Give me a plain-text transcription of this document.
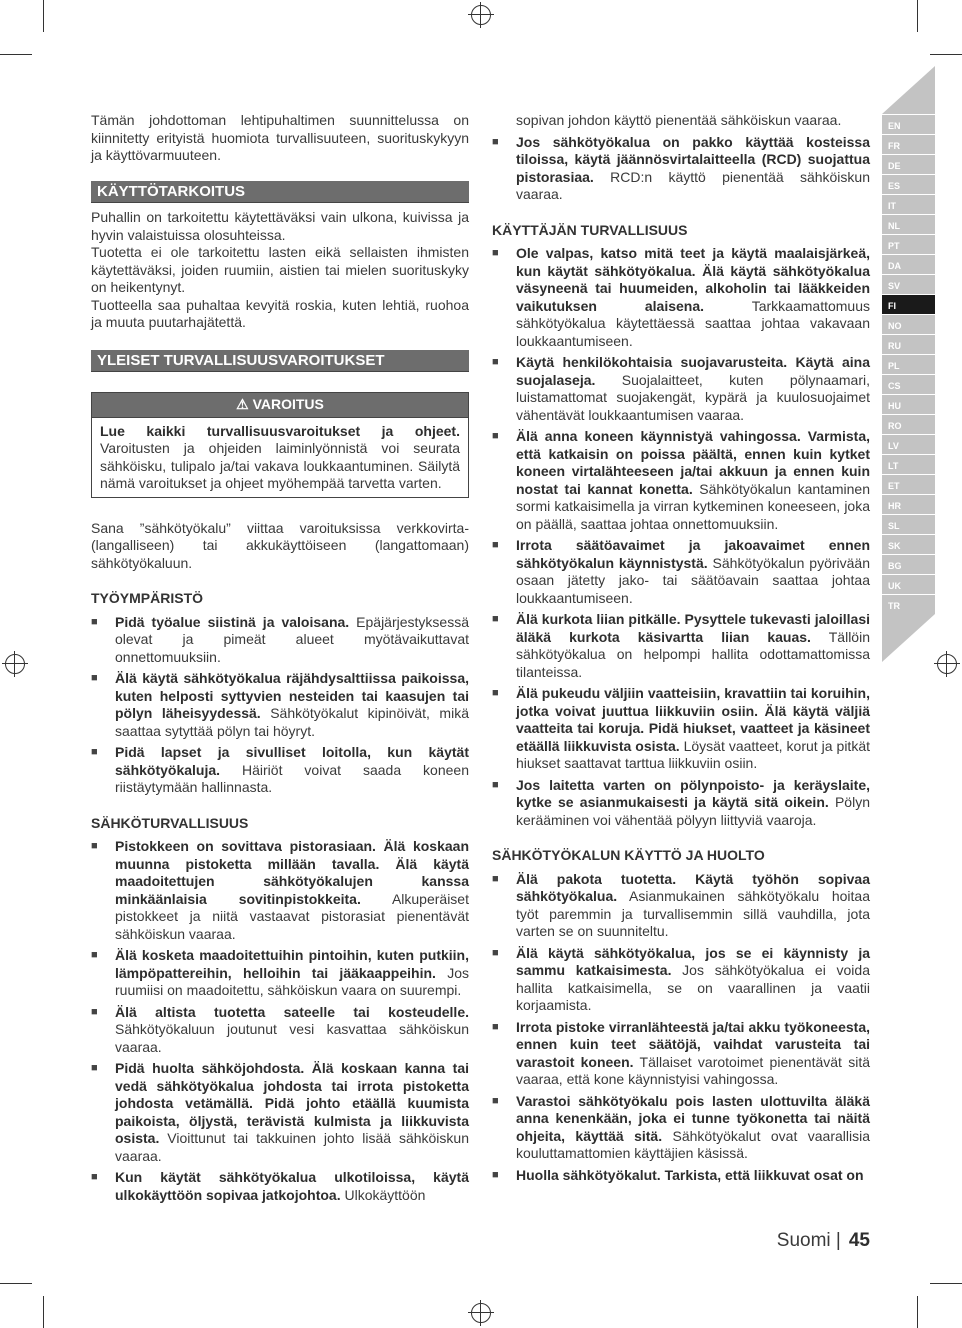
Tämän johdottoman lehtipuhaltimen suunnittelussa on kiinnitetty erityistä huomiota turvallisuuteen, suorituskykyyn ja käyttövarmuuteen.

KÄYTTÖTARKOITUS

Puhallin on tarkoitettu käytettäväksi vain ulkona, kuivissa ja hyvin valaistuissa olosuhteissa.

Tuotetta ei ole tarkoitettu lasten eikä sellaisten ihmisten käytettäväksi, joiden ruumiin, aistien tai mielen suorituskyky on heikentynyt.

Tuotteella saa puhaltaa kevyitä roskia, kuten lehtiä, ruohoa ja muuta puutarhajätettä.

YLEISET TURVALLISUUSVAROITUKSET
⚠ VAROITUS
Lue kaikki turvallisuusvaroitukset ja ohjeet. Varoitusten ja ohjeiden laiminlyönnistä voi seurata sähköisku, tulipalo ja/tai vakava loukkaantuminen. Säilytä nämä varoitukset ja ohjeet myöhempää tarvetta varten.

Sana ”sähkötyökalu” viittaa varoituksissa verkkovirta- (langalliseen) tai akkukäyttöiseen (langattomaan) sähkötyökaluun.

TYÖYMPÄRISTÖ
■ Pidä työalue siistinä ja valoisana. Epäjärjestyksessä olevat ja pimeät alueet myötävaikuttavat onnettomuuksiin.
■ Älä käytä sähkötyökalua räjähdysalttiissa paikoissa, kuten helposti syttyvien nesteiden tai kaasujen tai pölyn läheisyydessä. Sähkötyökalut kipinöivät, mikä saattaa sytyttää pölyn tai höyryt.
■ Pidä lapset ja sivulliset loitolla, kun käytät sähkötyökaluja. Häiriöt voivat saada koneen riistäytymään hallinnasta.
SÄHKÖTURVALLISUUS
■ Pistokkeen on sovittava pistorasiaan. Älä koskaan muunna pistoketta millään tavalla. Älä käytä maadoitettujen sähkötyökalujen kanssa minkäänlaisia sovitinpistokkeita. Alkuperäiset pistokkeet ja niitä vastaavat pistorasiat pienentävät sähköiskun vaaraa.
■ Älä kosketa maadoitettuihin pintoihin, kuten putkiin, lämpöpattereihin, helloihin tai jääkaappeihin. Jos ruumiisi on maadoitettu, sähköiskun vaara on suurempi.
■ Älä altista tuotetta sateelle tai kosteudelle. Sähkötyökaluun joutunut vesi kasvattaa sähköiskun vaaraa.
■ Pidä huolta sähköjohdosta. Älä koskaan kanna tai vedä sähkötyökalua johdosta tai irrota pistoketta johdosta vetämällä. Pidä johto etäällä kuumista paikoista, öljystä, terävistä kulmista ja liikkuvista osista. Vioittunut tai takkuinen johto lisää sähköiskun vaaraa.
■ Kun käytät sähkötyökalua ulkotiloissa, käytä ulkokäyttöön sopivaa jatkojohtoa. Ulkokäyttöön

sopivan johdon käyttö pienentää sähköiskun vaaraa.

■ Jos sähkötyökalua on pakko käyttää kosteissa tiloissa, käytä jäännösvirtalaitteella (RCD) suojattua pistorasiaa. RCD:n käyttö pienentää sähköiskun vaaraa.
KÄYTTÄJÄN TURVALLISUUS
■ Ole valpas, katso mitä teet ja käytä maalaisjärkeä, kun käytät sähkötyökalua. Älä käytä sähkötyökalua väsyneenä tai huumeiden, alkoholin tai lääkkeiden vaikutuksen alaisena. Tarkkaamattomuus sähkötyökalua käytettäessä saattaa johtaa vakavaan loukkaantumiseen.
■ Käytä henkilökohtaisia suojavarusteita. Käytä aina suojalaseja. Suojalaitteet, kuten pölynaamari, luistamattomat suojakengät, kypärä ja kuulosuojaimet vähentävät loukkaantumisen vaaraa.
■ Älä anna koneen käynnistyä vahingossa. Varmista, että katkaisin on poissa päältä, ennen kuin kytket koneen virtalähteeseen ja/tai akkuun ja ennen kuin nostat tai kannat konetta. Sähkötyökalun kantaminen sormi katkaisimella ja virran kytkeminen koneeseen, joka on päällä, saattaa johtaa onnettomuuksiin.
■ Irrota säätöavaimet ja jakoavaimet ennen sähkötyökalun käynnistystä. Sähkötyökalun pyörivään osaan jätetty jako- tai säätöavain saattaa johtaa loukkaantumiseen.
■ Älä kurkota liian pitkälle. Pysyttele tukevasti jaloillasi äläkä kurkota käsivartta liian kauas. Tällöin sähkötyökalua on helpompi hallita odottamattomissa tilanteissa.
■ Älä pukeudu väljiin vaatteisiin, kravattiin tai koruihin, jotka voivat juuttua liikkuviin osiin. Älä käytä väljiä vaatteita tai koruja. Pidä hiukset, vaatteet ja käsineet etäällä liikkuvista osista. Löysät vaatteet, korut ja pitkät hiukset saattavat tarttua liikkuviin osiin.
■ Jos laitetta varten on pölynpoisto- ja keräyslaite, kytke se asianmukaisesti ja käytä sitä oikein. Pölyn kerääminen voi vähentää pölyyn liittyviä vaaroja.
SÄHKÖTYÖKALUN KÄYTTÖ JA HUOLTO
■ Älä pakota tuotetta. Käytä työhön sopivaa sähkötyökalua. Asianmukainen sähkötyökalu hoitaa työt paremmin ja turvallisemmin sillä vauhdilla, jota varten se on suunniteltu.
■ Älä käytä sähkötyökalua, jos se ei käynnisty ja sammu katkaisimesta. Jos sähkötyökalua ei voida hallita katkaisimella, se on vaarallinen ja vaatii korjaamista.
■ Irrota pistoke virranlähteestä ja/tai akku työkoneesta, ennen kuin teet säätöjä, vaihdat varusteita tai varastoit koneen. Tällaiset varotoimet pienentävät sitä vaaraa, että kone käynnistyisi vahingossa.
■ Varastoi sähkötyökalu pois lasten ulottuvilta äläkä anna kenenkään, joka ei tunne työkonetta tai näitä ohjeita, käyttää sitä. Sähkötyökalut ovat vaarallisia kouluttamattomien käyttäjien käsissä.
■ Huolla sähkötyökalut. Tarkista, että liikkuvat osat on
EN
FR
DE
ES
IT
NL
PT
DA
SV
FI
NO
RU
PL
CS
HU
RO
LV
LT
ET
HR
SL
SK
BG
UK
TR
Suomi | 45
